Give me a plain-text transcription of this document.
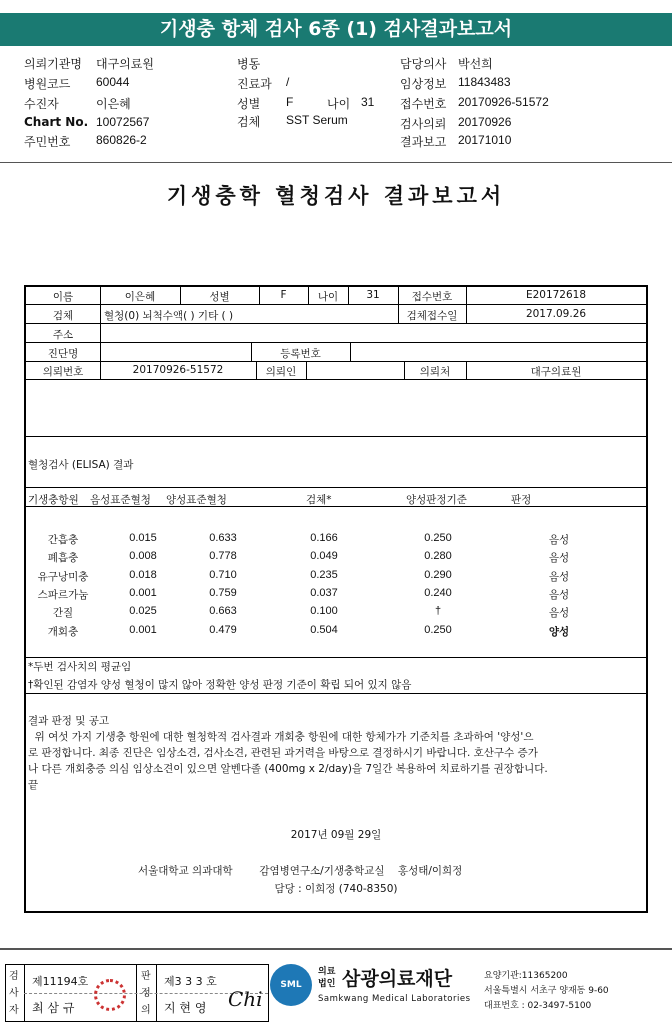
기생충 항체 검사 6종 (1) 검사결과보고서
의뢰기관명 대구의료원
병원코드 60044
수진자	이은혜
Chart No. 10072567
주민번호 860826-2
병동
진료과 /
성별 F	나이 31
검체 SST Serum
담당의사 박선희
임상정보 11843483
접수번호 20170926-51572
검사의뢰 20170926
결과보고 20171010
기생충학 혈청검사 결과보고서
이름	이은혜	성별	F	나이	31	접수번호	E20172618
검체	혈청(0) 뇌척수액( ) 기타 ( )	검체접수일	2017.09.26
주소
진단명	등록번호
의뢰번호	20170926-51572	의뢰인	의뢰처	대구의료원
혈청검사 (ELISA) 결과
기생충항원 음성표준혈청 양성표준혈청	검체*	양성판정기준	판정
간흡충	0.015	0.633	0.166	0.250	음성
폐흡충	0.008	0.778	0.049	0.280	음성
유구낭미충	0.018	0.710	0.235	0.290	음성
스파르가눔	0.001	0.759	0.037	0.240	음성
간질	0.025	0.663	0.100	†	음성
개회충	0.001	0.479	0.504	0.250	양성
*두번 검사치의 평균임
†확인된 감염자 양성 혈청이 많지 않아 정확한 양성 판정 기준이 확립 되어 있지 않음
결과 판정 및 공고
위 여섯 가지 기생충 항원에 대한 혈청학적 검사결과 개회충 항원에 대한 항체가가 기준치를 초과하여 '양성'으
로 판정합니다. 최종 진단은 임상소견, 검사소견, 관련된 과거력을 바탕으로 결정하시기 바랍니다. 호산구수 증가
나 다른 개회충증 의심 임상소견이 있으면 알벤다졸 (400mg x 2/day)을 7일간 복용하여 치료하기를 권장합니다.
끝
2017년 09월 29일
서울대학교 의과대학        감염병연구소/기생충학교실    홍성태/이희정
담당 : 이희정 (740-8350)
검사자
제11194호
최 삼 규
판정의
제3 3 3 호
지 현 영 Chi
SML
의료
법인 삼광의료재단
Samkwang Medical Laboratories
요양기관:11365200
서울특별시 서초구 양재동 9-60
대표번호 : 02-3497-5100
